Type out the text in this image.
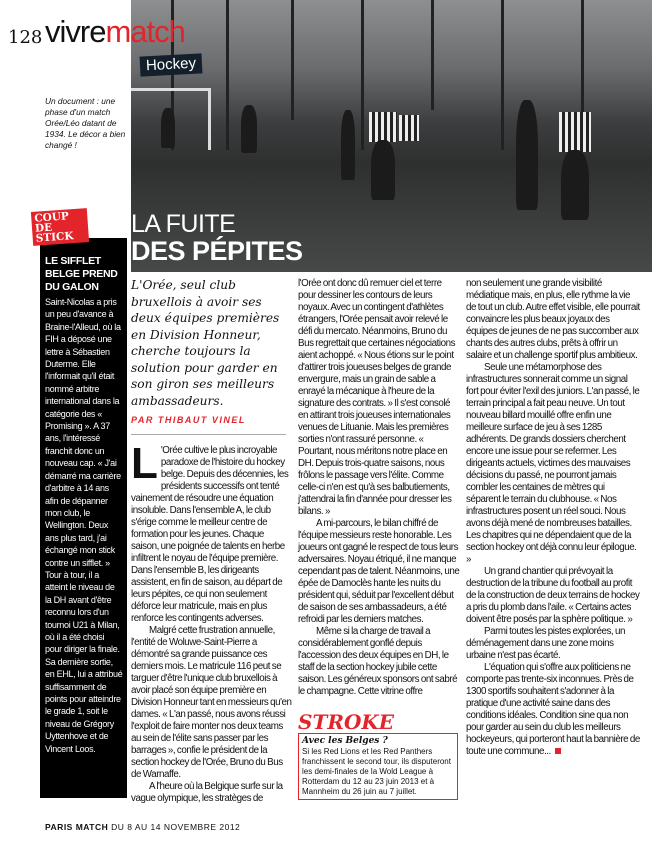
128 vivrematch
Hockey
Un document : une phase d'un match Orée/Léo datant de 1934. Le décor a bien changé !
LA FUITE
DES PÉPITES
L'Orée, seul club bruxellois à avoir ses deux équipes premières en Division Honneur, cherche toujours la solution pour garder en son giron ses meilleurs ambassadeurs.
PAR THIBAUT VINEL

L 'Orée cultive le plus incroyable paradoxe de l'histoire du hockey belge. Depuis des décennies, les présidents successifs ont tenté vainement de résoudre une équation insoluble. Dans l'ensemble A, le club s'érige comme le meilleur centre de formation pour les jeunes. Chaque saison, une poignée de talents en herbe infiltrent le noyau de l'équipe première. Dans l'ensemble B, les dirigeants assistent, en fin de saison, au départ de leurs pépites, ce qui non seulement déforce leur matricule, mais en plus renforce les contingents adverses.

Malgré cette frustration annuelle, l'entité de Woluwe-Saint-Pierre a démontré sa grande puissance ces derniers mois. Le matricule 116 peut se targuer d'être l'unique club bruxellois à avoir placé son équipe première en Division Honneur tant en messieurs qu'en dames. « L'an passé, nous avons réussi l'exploit de faire monter nos deux teams au sein de l'élite sans passer par les barrages », confie le président de la section hockey de l'Orée, Bruno du Bus de Warnaffe.

A l'heure où la Belgique surfe sur la vague olympique, les stratèges de

l'Orée ont donc dû remuer ciel et terre pour dessiner les contours de leurs noyaux. Avec un contingent d'athlètes étrangers, l'Orée pensait avoir relevé le défi du mercato. Néanmoins, Bruno du Bus regrettait que certaines négociations aient achoppé. « Nous étions sur le point d'attirer trois joueuses belges de grande envergure, mais un grain de sable a enrayé la mécanique à l'heure de la signature des contrats. » Il s'est consolé en attirant trois joueuses internationales venues de Lituanie. Mais les premières sorties n'ont rassuré personne. « Pourtant, nous méritons notre place en DH. Depuis trois-quatre saisons, nous frôlons le passage vers l'élite. Comme celle-ci n'en est qu'à ses balbutiements, j'attendrai la fin d'année pour dresser les bilans. »

A mi-parcours, le bilan chiffré de l'équipe messieurs reste honorable. Les joueurs ont gagné le respect de tous leurs adversaires. Noyau étriqué, il ne manque cependant pas de talent. Néanmoins, une épée de Damoclès hante les nuits du président qui, séduit par l'excellent début de saison de ses ambassadeurs, a été refroidi par les derniers matches.

Même si la charge de travail a considérablement gonflé depuis l'accession des deux équipes en DH, le staff de la section hockey jubile cette saison. Les généreux sponsors ont sabré le champagne. Cette vitrine offre

STROKE
Avec les Belges ?
Si les Red Lions et les Red Panthers franchissent le second tour, ils disputeront les demi-finales de la Wold League à Rotterdam du 12 au 23 juin 2013 et à Mannheim du 26 juin au 7 juillet.

non seulement une grande visibilité médiatique mais, en plus, elle rythme la vie de tout un club. Autre effet visible, elle pourrait convaincre les plus beaux joyaux des équipes de jeunes de ne pas succomber aux chants des autres clubs, prêts à offrir un salaire et un challenge sportif plus ambitieux.

Seule une métamorphose des infrastructures sonnerait comme un signal fort pour éviter l'exil des juniors. L'an passé, le terrain principal a fait peau neuve. Un tout nouveau billard mouillé offre enfin une meilleure surface de jeu à ses 1285 adhérents. De grands dossiers cherchent encore une issue pour se refermer. Les dirigeants actuels, victimes des mauvaises décisions du passé, ne pourront jamais combler les centaines de mètres qui séparent le terrain du clubhouse. « Nos infrastructures posent un réel souci. Nous avons déjà mené de nombreuses batailles. Les chapitres qui ne dépendaient que de la section hockey ont déjà connu leur épilogue. »

Un grand chantier qui prévoyait la destruction de la tribune du football au profit de la construction de deux terrains de hockey a pris du plomb dans l'aile. « Certains actes doivent être posés par la sphère politique. »

Parmi toutes les pistes explorées, un déménagement dans une zone moins urbaine n'est pas écarté.

L'équation qui s'offre aux politiciens ne comporte pas trente-six inconnues. Près de 1300 sportifs souhaitent s'adonner à la pratique d'une activité saine dans des conditions idéales. Condition sine qua non pour garder au sein du club les meilleurs hockeyeurs, qui porteront haut la bannière de toute une commune...

LE SIFFLET BELGE PREND DU GALON
Saint-Nicolas a pris un peu d'avance à Braine-l'Alleud, où la FIH a déposé une lettre à Sébastien Duterme. Elle l'informait qu'il était nommé arbitre international dans la catégorie des « Promising ». A 37 ans, l'intéressé franchit donc un nouveau cap. « J'ai démarré ma carrière d'arbitre à 14 ans afin de dépanner mon club, le Wellington. Deux ans plus tard, j'ai échangé mon stick contre un sifflet. » Tour à tour, il a atteint le niveau de la DH avant d'être reconnu lors d'un tournoi U21 à Milan, où il a été choisi pour diriger la finale. Sa dernière sortie, en EHL, lui a attribué suffisamment de points pour atteindre le grade 1, soit le niveau de Grégory Uyttenhove et de Vincent Loos.
COUP DE STICK
PARIS MATCH DU 8 AU 14 NOVEMBRE 2012
